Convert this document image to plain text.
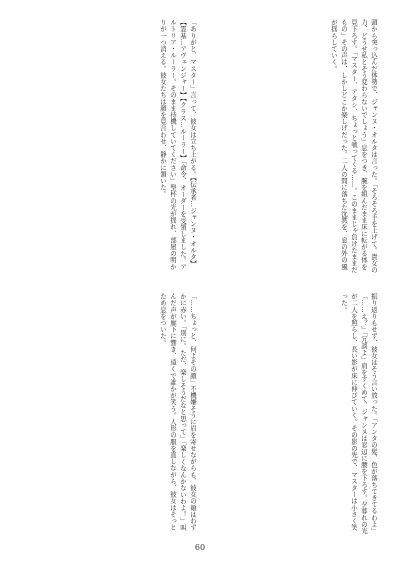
頭から突っ込んだ体勢で、ジャンヌ・オルタは言った。「そろそろ手を上げて。貴女の力、どうせ私とそう変わらないでしょう」息をつき、腕を組んだまま床に転がる体を見下ろす。「マスター、アタシ、ちょっと戦ってくる……。このままじゃ負けたままだもの」その声は、しかしどこか楽しげだった。二人の間に落ちた沈黙を、窓の外の風が揺らしていく。
「ありがと、マスター」言って、彼女は立ち上がる。【伝承者…ジャンヌ・オルタ】【霊基…アヴェンジャー】【クラス…ルーラー】「命令、オーダーを受領しました。アルトリア・ルーラー。そのまま待機していてください」聖杯の光が揺れ、部屋の明かりが一つ消える。彼女たちは顔を見合わせ、静かに頷いた。
振り返りもせず、彼女はそう言い放った。「アンタの髪、色が落ちてきてるわよ」「……え？」「冗談よ」肩をすくめて、ジャンヌは窓辺に腰を下ろす。夕暮れの光が二人を照らし、長い影が床に伸びていく。その影の先で、マスターは小さく笑った。
「……ちょっと、何よその顔」不機嫌そうに眉を寄せながらも、彼女の頬はわずかに赤い。「別に。ただ、楽しそうだなと思って」「楽しくなんかないわよ！」叫んだ声が廊下に響き、遠くで誰かが笑う。人形の服を直しながら、彼女はそっとため息をついた。
60
